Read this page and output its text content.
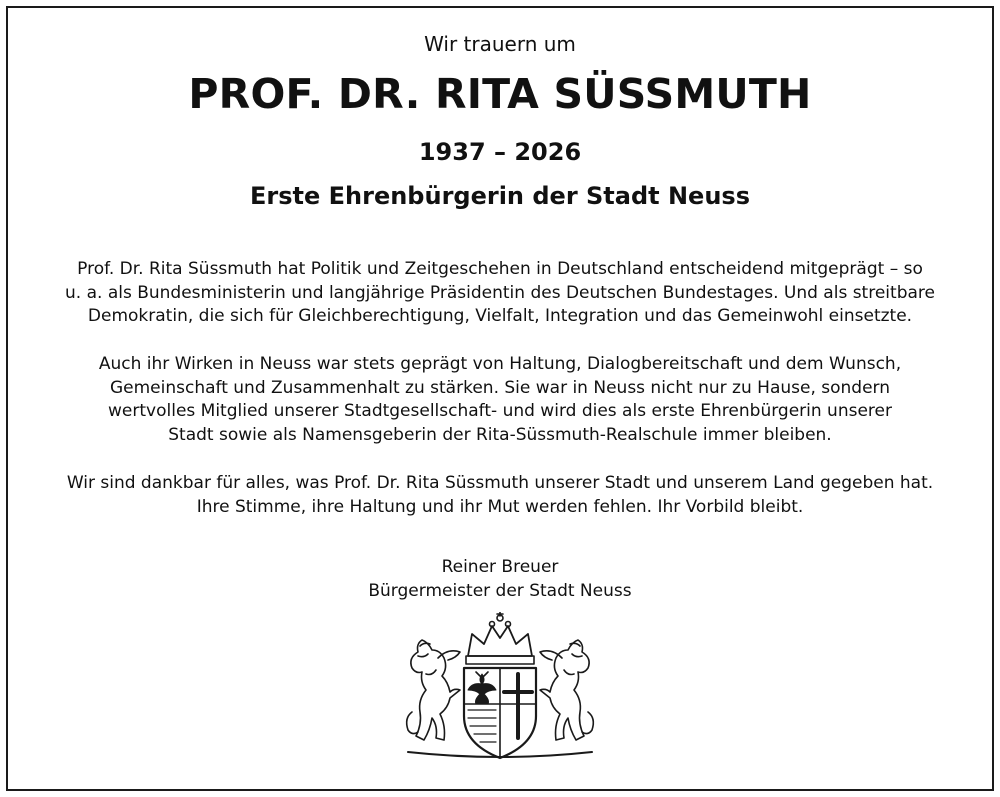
Wir trauern um
PROF. DR. RITA SÜSSMUTH
1937 – 2026
Erste Ehrenbürgerin der Stadt Neuss
Prof. Dr. Rita Süssmuth hat Politik und Zeitgeschehen in Deutschland entscheidend mitgeprägt – so
u. a. als Bundesministerin und langjährige Präsidentin des Deutschen Bundestages. Und als streitbare
Demokratin, die sich für Gleichberechtigung, Vielfalt, Integration und das Gemeinwohl einsetzte.
Auch ihr Wirken in Neuss war stets geprägt von Haltung, Dialogbereitschaft und dem Wunsch,
Gemeinschaft und Zusammenhalt zu stärken. Sie war in Neuss nicht nur zu Hause, sondern
wertvolles Mitglied unserer Stadtgesellschaft- und wird dies als erste Ehrenbürgerin unserer
Stadt sowie als Namensgeberin der Rita-Süssmuth-Realschule immer bleiben.
Wir sind dankbar für alles, was Prof. Dr. Rita Süssmuth unserer Stadt und unserem Land gegeben hat.
Ihre Stimme, ihre Haltung und ihr Mut werden fehlen. Ihr Vorbild bleibt.
Reiner Breuer
Bürgermeister der Stadt Neuss
